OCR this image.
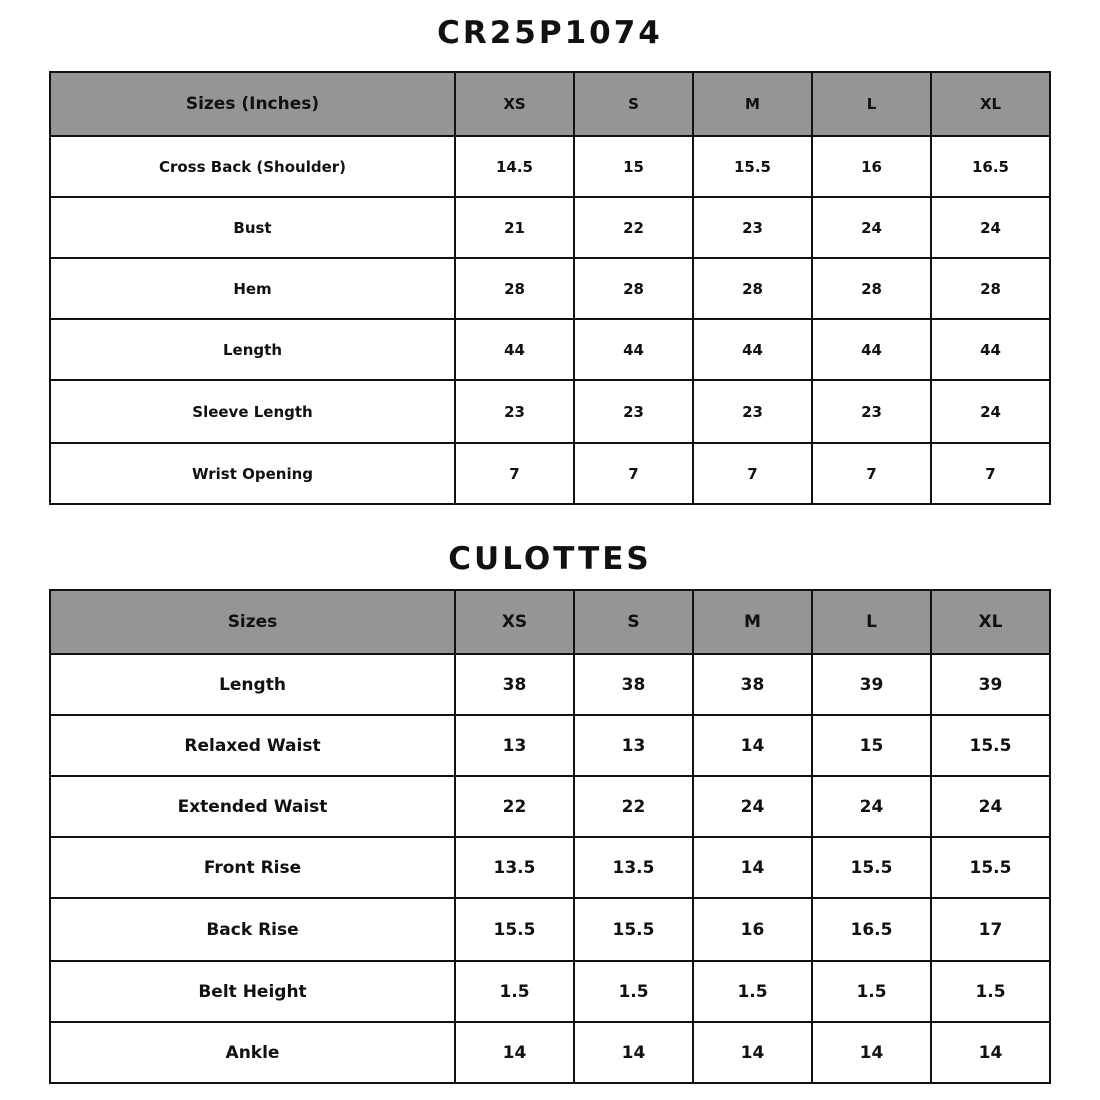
CR25P1074
Sizes (Inches)	XS	S	M	L	XL
Cross Back (Shoulder)	14.5	15	15.5	16	16.5
Bust	21	22	23	24	24
Hem	28	28	28	28	28
Length	44	44	44	44	44
Sleeve Length	23	23	23	23	24
Wrist Opening	7	7	7	7	7
CULOTTES
Sizes	XS	S	M	L	XL
Length	38	38	38	39	39
Relaxed Waist	13	13	14	15	15.5
Extended Waist	22	22	24	24	24
Front Rise	13.5	13.5	14	15.5	15.5
Back Rise	15.5	15.5	16	16.5	17
Belt Height	1.5	1.5	1.5	1.5	1.5
Ankle	14	14	14	14	14
